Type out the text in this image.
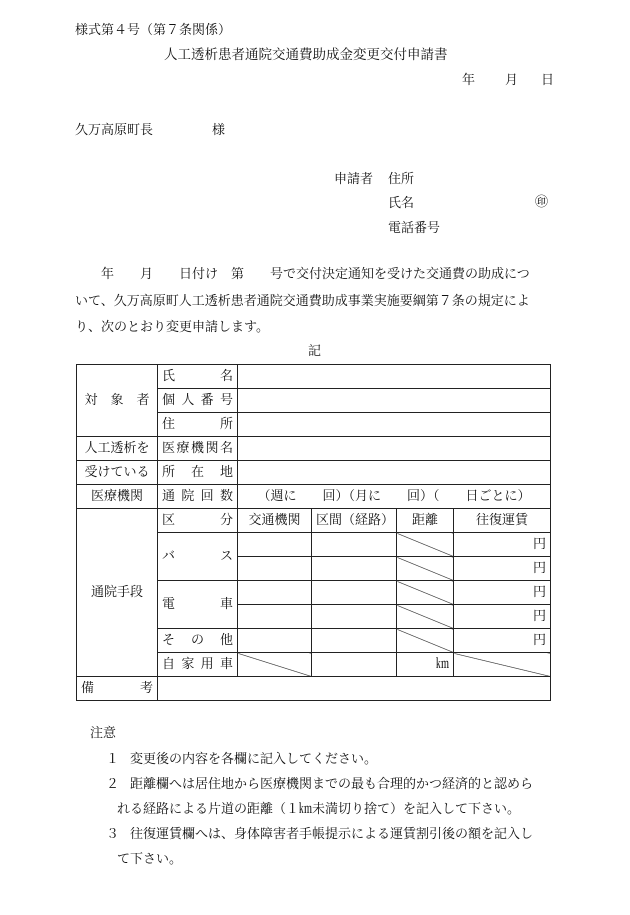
様式第４号（第７条関係）
人工透析患者通院交通費助成金変更交付申請書
年 月 日
久万高原町長	様
申請者 住所
氏名	㊞
電話番号
　　年　　月　　日付け　第　　号で交付決定通知を受けた交通費の助成につ
いて、久万高原町人工透析患者通院交通費助成事業実施要綱第７条の規定によ
り、次のとおり変更申請します。
記
対　象　者	氏　　名				
	個人番号				
	住　　所				
人工透析を	医療機関名				
受けている	所　在　地				
医療機関	通院回数	（週に　　回）（月に　　回）（　　日ごとに）			
通院手段	区　　分	交通機関	区間（経路）	距離	往復運賃
	バ　　ス				円
					円
	電　　車				円
					円
	そ　の　他				円
	自家用車			㎞	
備　　考					
注意
１ 変更後の内容を各欄に記入してください。
２ 距離欄へは居住地から医療機関までの最も合理的かつ経済的と認めら
れる経路による片道の距離（１㎞未満切り捨て）を記入して下さい。
３ 往復運賃欄へは、身体障害者手帳提示による運賃割引後の額を記入し
て下さい。
